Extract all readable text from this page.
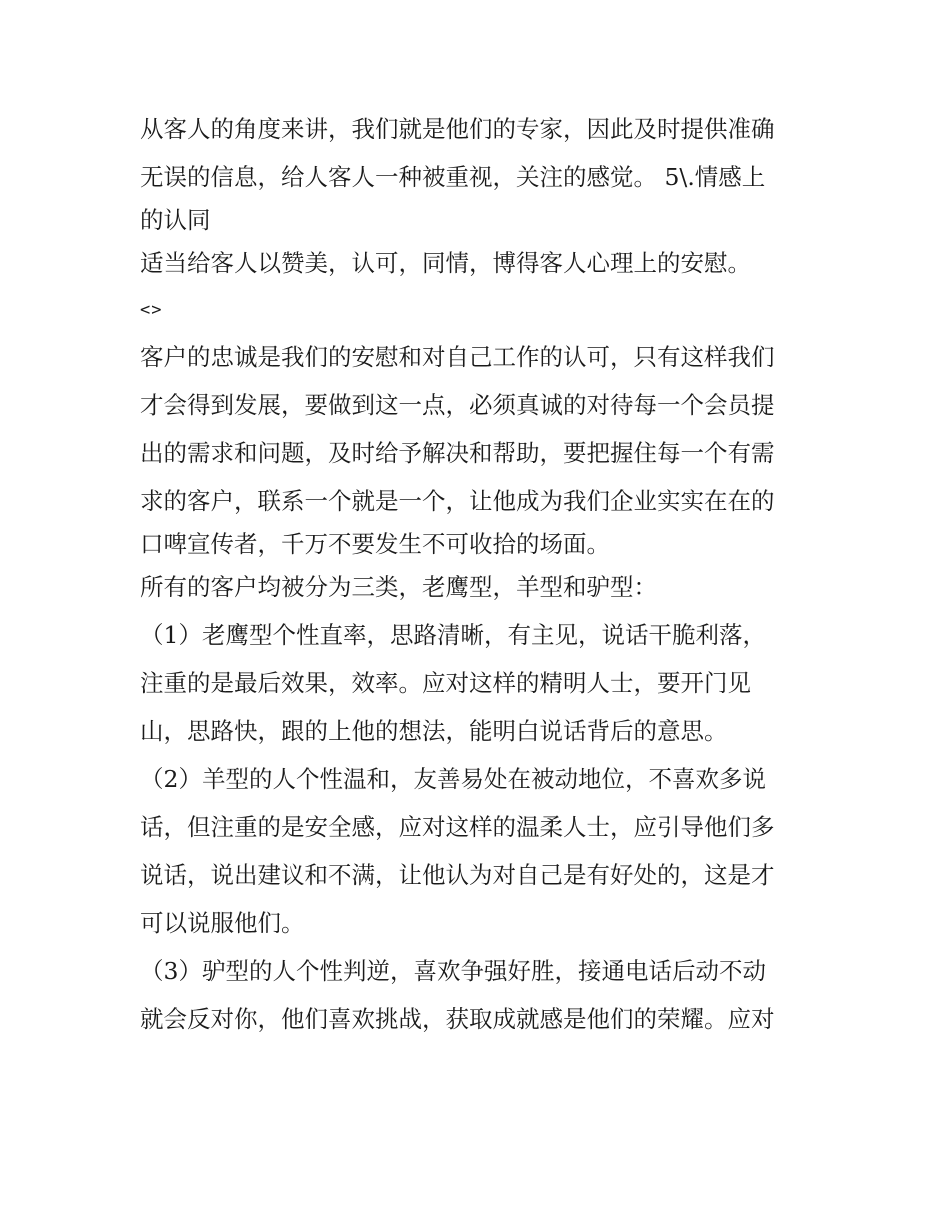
从客人的角度来讲，我们就是他们的专家，因此及时提供准确
无误的信息，给人客人一种被重视，关注的感觉。 5\.情感上
的认同
适当给客人以赞美，认可，同情，博得客人心理上的安慰。
<>
客户的忠诚是我们的安慰和对自己工作的认可，只有这样我们
才会得到发展，要做到这一点，必须真诚的对待每一个会员提
出的需求和问题，及时给予解决和帮助，要把握住每一个有需
求的客户，联系一个就是一个，让他成为我们企业实实在在的
口啤宣传者，千万不要发生不可收拾的场面。
所有的客户均被分为三类，老鹰型，羊型和驴型：
（1）老鹰型个性直率，思路清晰，有主见，说话干脆利落，
注重的是最后效果，效率。应对这样的精明人士，要开门见
山，思路快，跟的上他的想法，能明白说话背后的意思。
（2）羊型的人个性温和，友善易处在被动地位，不喜欢多说
话，但注重的是安全感，应对这样的温柔人士，应引导他们多
说话，说出建议和不满，让他认为对自己是有好处的，这是才
可以说服他们。
（3）驴型的人个性判逆，喜欢争强好胜，接通电话后动不动
就会反对你，他们喜欢挑战，获取成就感是他们的荣耀。应对
